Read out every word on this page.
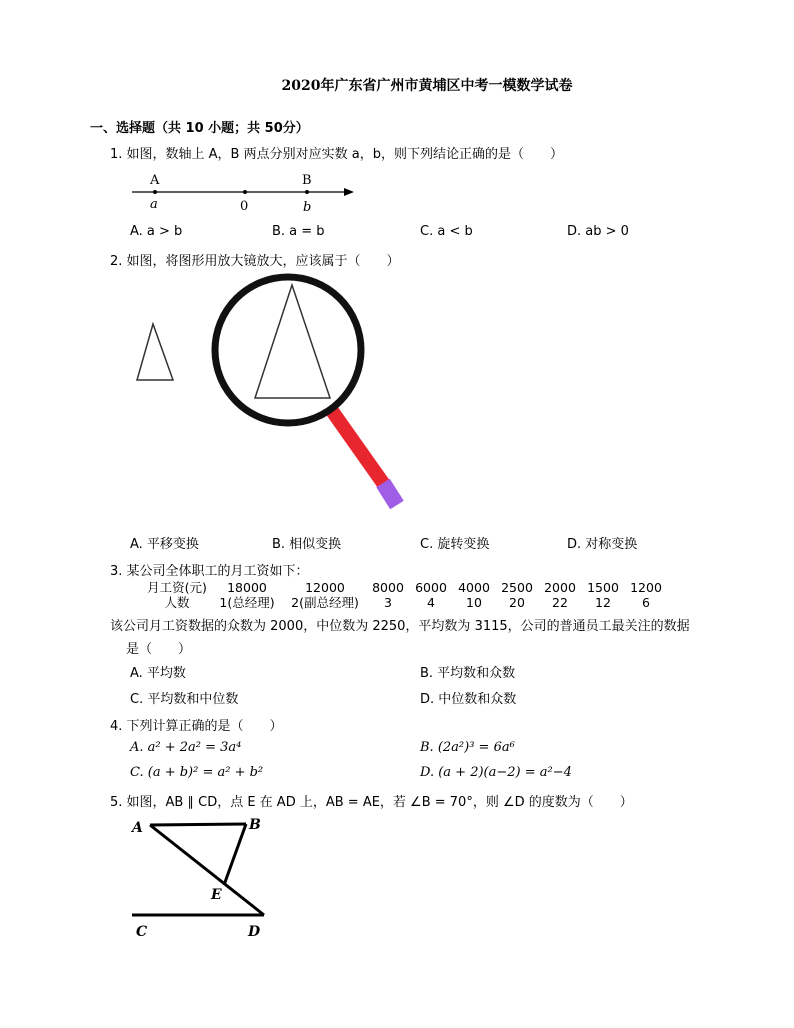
2020年广东省广州市黄埔区中考一模数学试卷
一、选择题（共 10 小题；共 50分）
1. 如图，数轴上 A，B 两点分别对应实数 a，b，则下列结论正确的是（　　）
A	B
a	0	b
A. a > b	B. a = b	C. a < b	D. ab > 0
2. 如图，将图形用放大镜放大，应该属于（　　）
A. 平移变换	B. 相似变换	C. 旋转变换	D. 对称变换
3. 某公司全体职工的月工资如下：
月工资(元)	18000	12000	8000	6000	4000	2500	2000	1500	1200
人数	1(总经理)	2(副总经理)	3	4	10	20	22	12	6
该公司月工资数据的众数为 2000，中位数为 2250，平均数为 3115，公司的普通员工最关注的数据
是（　　）
A. 平均数	B. 平均数和众数
C. 平均数和中位数	D. 中位数和众数
4. 下列计算正确的是（　　）
A. a² + 2a² = 3a⁴	B. (2a²)³ = 6a⁶
C. (a + b)² = a² + b²	D. (a + 2)(a−2) = a²−4
5. 如图，AB ∥ CD，点 E 在 AD 上，AB = AE，若 ∠B = 70°，则 ∠D 的度数为（　　）
A	B
E
C	D
